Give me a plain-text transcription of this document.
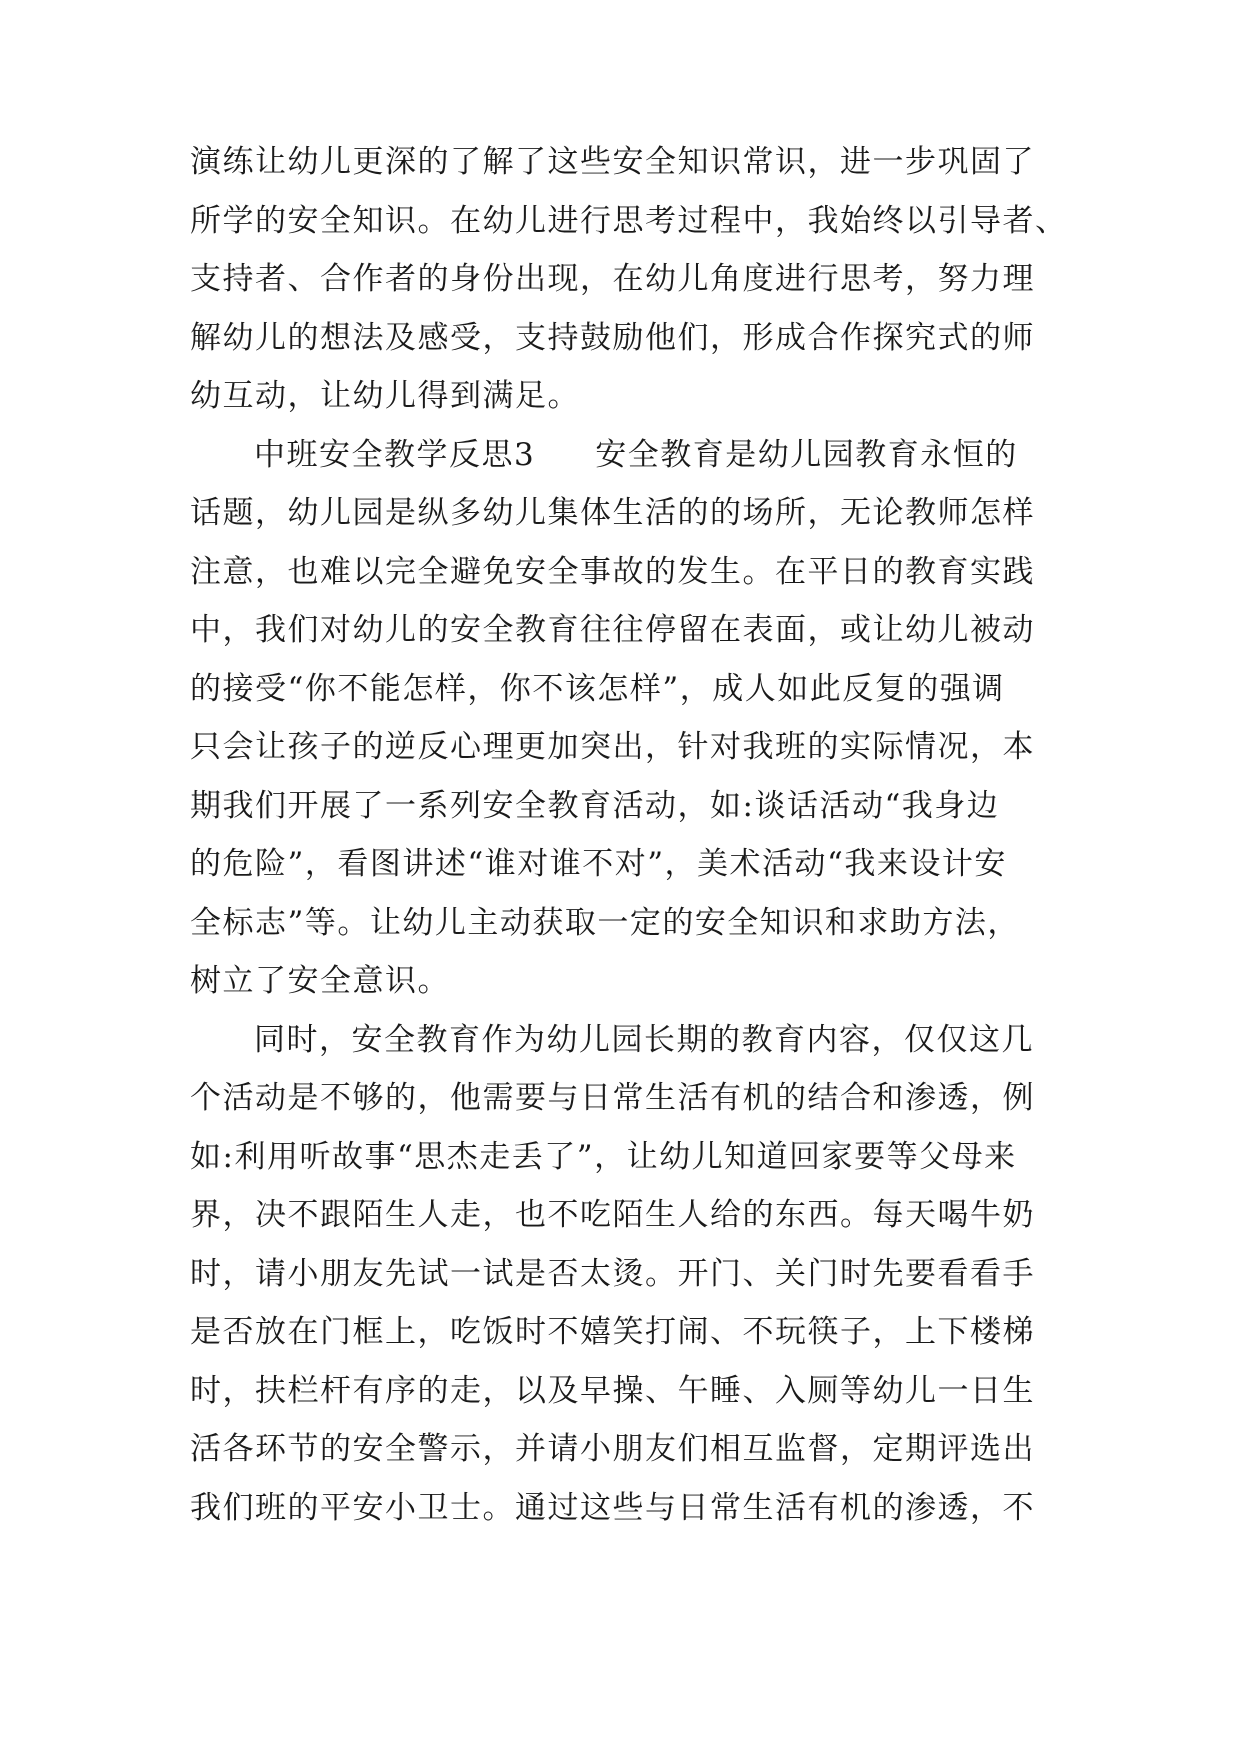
演练让幼儿更深的了解了这些安全知识常识，进一步巩固了
所学的安全知识。在幼儿进行思考过程中，我始终以引导者、
支持者、合作者的身份出现，在幼儿角度进行思考，努力理
解幼儿的想法及感受，支持鼓励他们，形成合作探究式的师
幼互动，让幼儿得到满足。
中班安全教学反思3 安全教育是幼儿园教育永恒的
话题，幼儿园是纵多幼儿集体生活的的场所，无论教师怎样
注意，也难以完全避免安全事故的发生。在平日的教育实践
中，我们对幼儿的安全教育往往停留在表面，或让幼儿被动
的接受“你不能怎样，你不该怎样”，成人如此反复的强调
只会让孩子的逆反心理更加突出，针对我班的实际情况，本
期我们开展了一系列安全教育活动，如:谈话活动“我身边
的危险”，看图讲述“谁对谁不对”，美术活动“我来设计安
全标志”等。让幼儿主动获取一定的安全知识和求助方法，
树立了安全意识。
同时，安全教育作为幼儿园长期的教育内容，仅仅这几
个活动是不够的，他需要与日常生活有机的结合和渗透，例
如:利用听故事“思杰走丢了”，让幼儿知道回家要等父母来
界，决不跟陌生人走，也不吃陌生人给的东西。每天喝牛奶
时，请小朋友先试一试是否太烫。开门、关门时先要看看手
是否放在门框上，吃饭时不嬉笑打闹、不玩筷子，上下楼梯
时，扶栏杆有序的走，以及早操、午睡、入厕等幼儿一日生
活各环节的安全警示，并请小朋友们相互监督，定期评选出
我们班的平安小卫士。通过这些与日常生活有机的渗透，不
